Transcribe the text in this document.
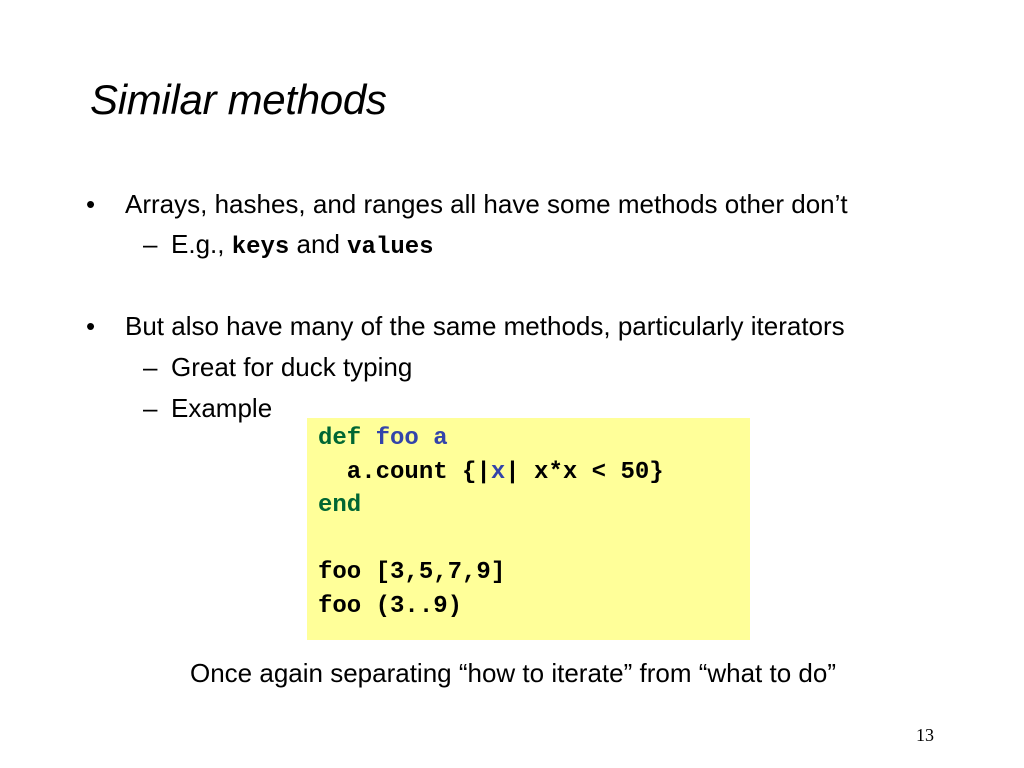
Similar methods
• Arrays, hashes, and ranges all have some methods other don’t
– E.g., keys and values
• But also have many of the same methods, particularly iterators
– Great for duck typing
– Example
def foo a
a.count {|x| x*x < 50}
end
foo [3,5,7,9]
foo (3..9)
Once again separating “how to iterate” from “what to do”
13
